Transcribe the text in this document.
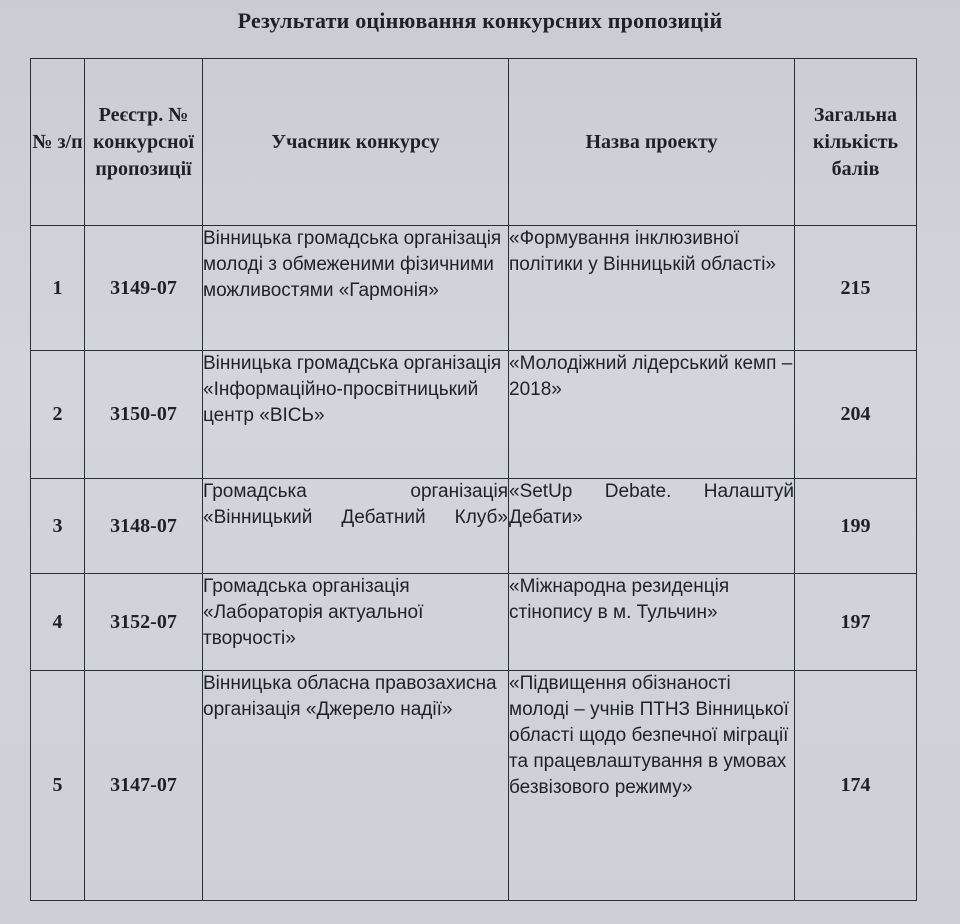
Результати оцінювання конкурсних пропозицій
№ з/п	Реєстр. № конкурсної пропозиції	Учасник конкурсу	Назва проекту	Загальна кількість балів
1	3149-07	Вінницька громадська організація молоді з обмеженими фізичними можливостями «Гармонія»	«Формування інклюзивної політики у Вінницькій області»	215
2	3150-07	Вінницька громадська організація «Інформаційно-просвітницький центр «ВІСЬ»	«Молодіжний лідерський кемп – 2018»	204
3	3148-07	Громадська організація «Вінницький Дебатний Клуб»	«SetUp Debate. Налаштуй Дебати»	199
4	3152-07	Громадська організація «Лабораторія актуальної творчості»	«Міжнародна резиденція стінопису в м. Тульчин»	197
5	3147-07	Вінницька обласна правозахисна організація «Джерело надії»	«Підвищення обізнаності молоді – учнів ПТНЗ Вінницької області щодо безпечної міграції та працевлаштування в умовах безвізового режиму»	174
